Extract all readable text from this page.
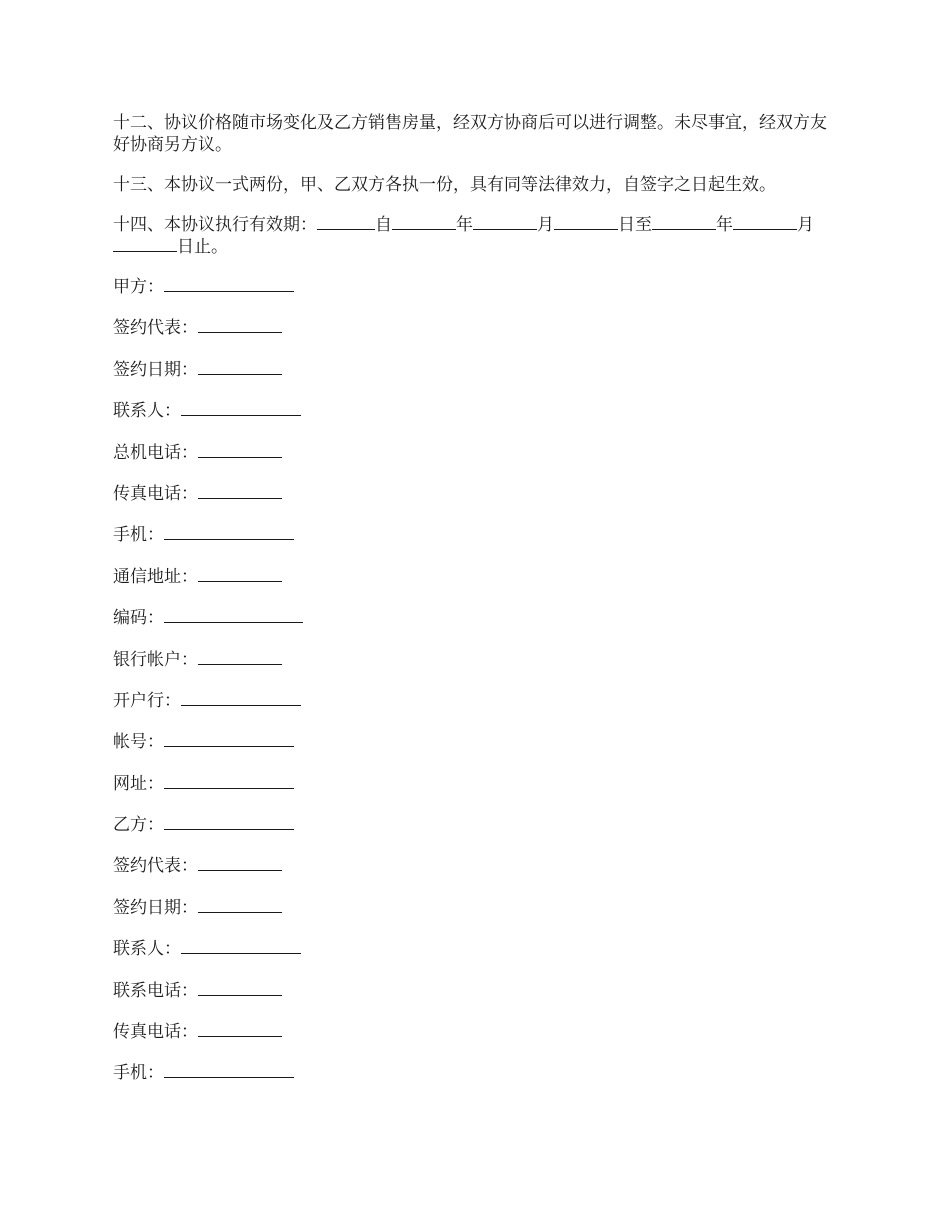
十二、协议价格随市场变化及乙方销售房量，经双方协商后可以进行调整。未尽事宜，经双方友好协商另方议。

十三、本协议一式两份，甲、乙双方各执一份，具有同等法律效力，自签字之日起生效。

十四、本协议执行有效期：	自	年	月	日至	年	月日止。

甲方：
签约代表：
签约日期：
联系人：
总机电话：
传真电话：
手机：
通信地址：
编码：
银行帐户：
开户行：
帐号：
网址：
乙方：
签约代表：
签约日期：
联系人：
联系电话：
传真电话：
手机：
